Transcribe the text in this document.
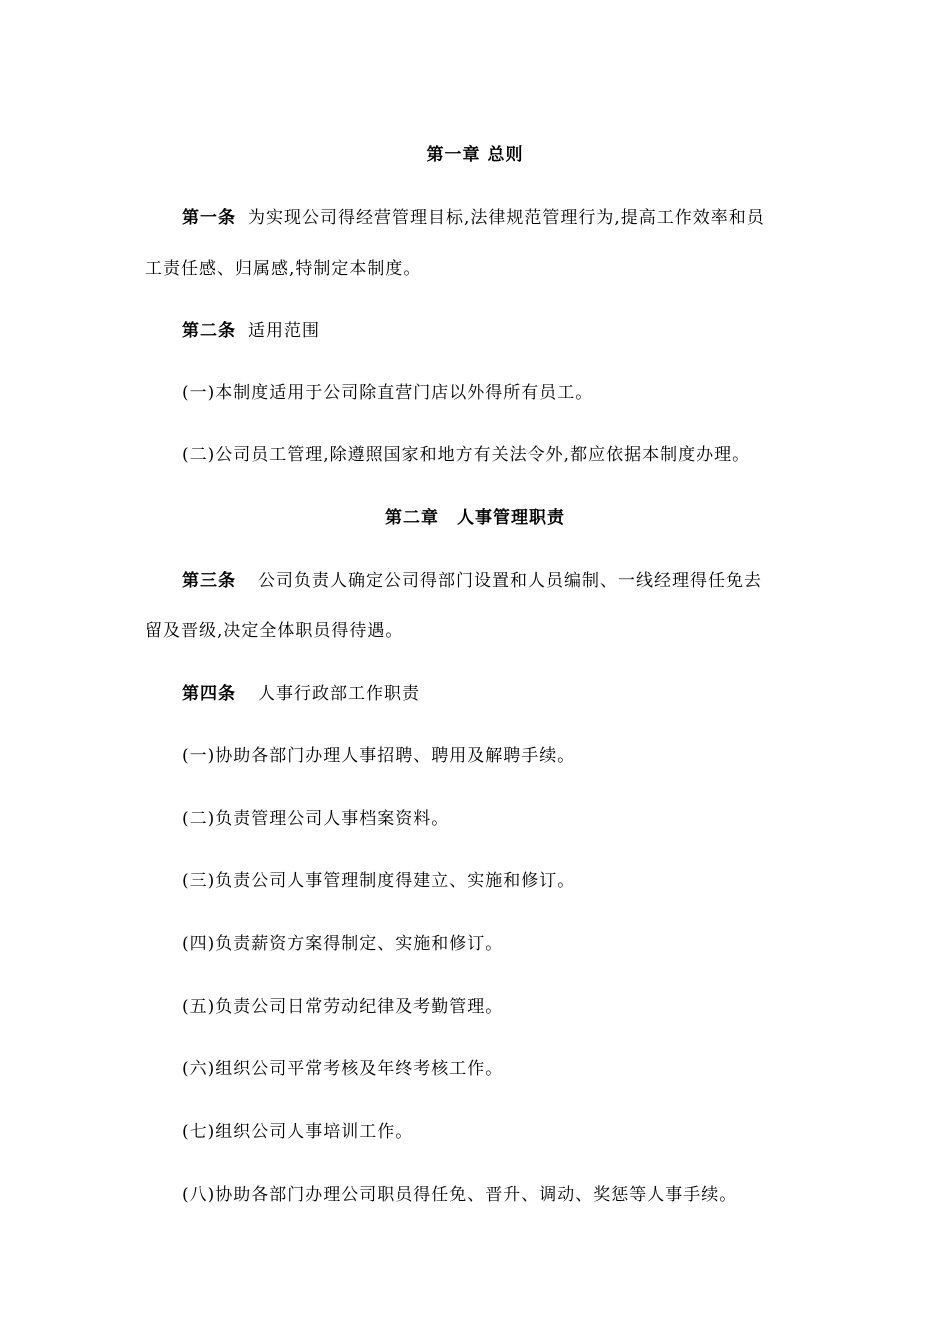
第一章 总则
第一条 为实现公司得经营管理目标,法律规范管理行为,提高工作效率和员
工责任感、归属感,特制定本制度。
第二条 适用范围
(一)本制度适用于公司除直营门店以外得所有员工。
(二)公司员工管理,除遵照国家和地方有关法令外,都应依据本制度办理。
第二章　人事管理职责
第三条 公司负责人确定公司得部门设置和人员编制、一线经理得任免去
留及晋级,决定全体职员得待遇。
第四条 人事行政部工作职责
(一)协助各部门办理人事招聘、聘用及解聘手续。
(二)负责管理公司人事档案资料。
(三)负责公司人事管理制度得建立、实施和修订。
(四)负责薪资方案得制定、实施和修订。
(五)负责公司日常劳动纪律及考勤管理。
(六)组织公司平常考核及年终考核工作。
(七)组织公司人事培训工作。
(八)协助各部门办理公司职员得任免、晋升、调动、奖惩等人事手续。
